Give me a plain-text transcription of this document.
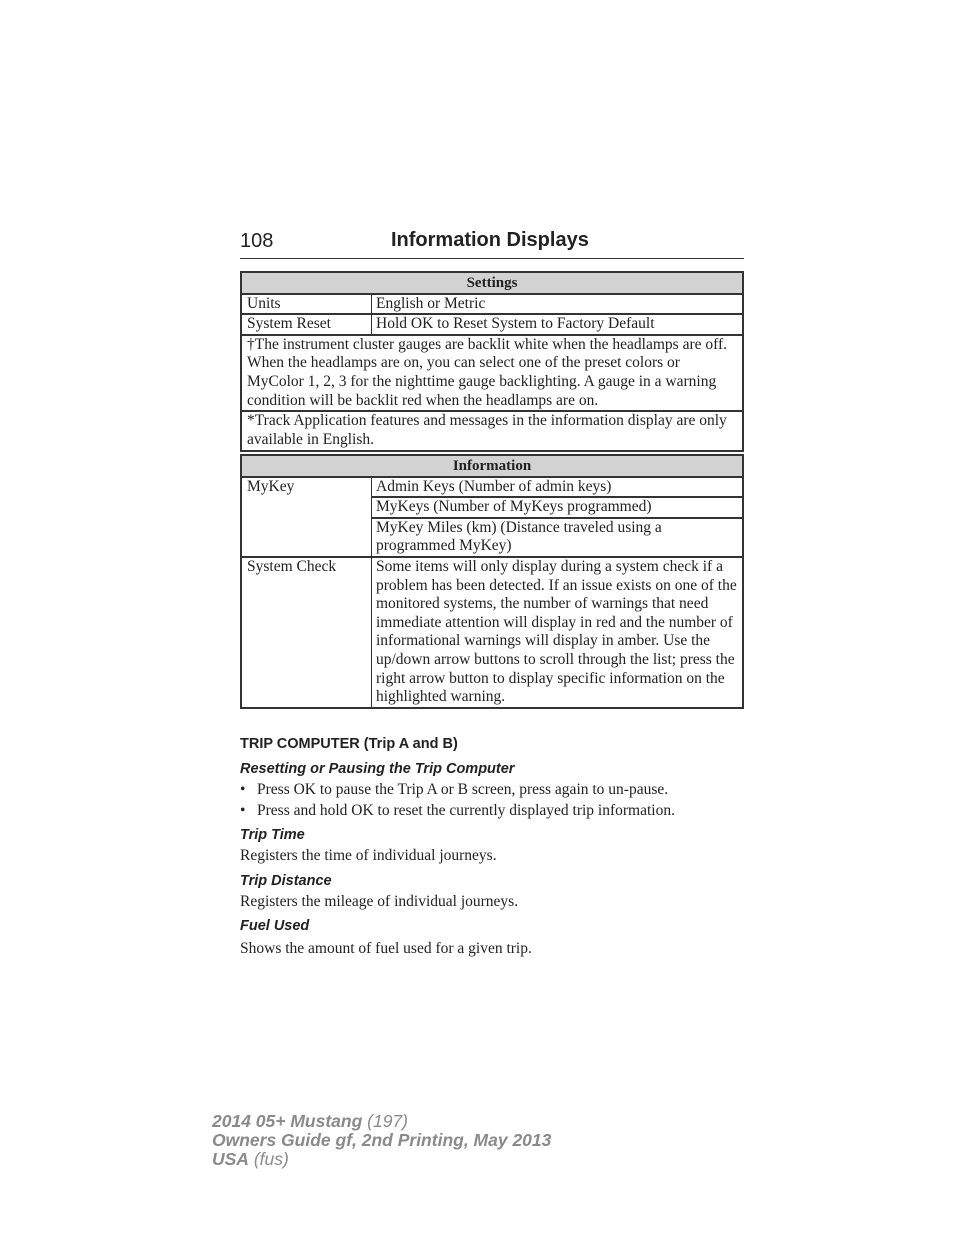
108	Information Displays
Settings	
Units	English or Metric
System Reset	Hold OK to Reset System to Factory Default
†The instrument cluster gauges are backlit white when the headlamps are off. When the headlamps are on, you can select one of the preset colors or MyColor 1, 2, 3 for the nighttime gauge backlighting. A gauge in a warning condition will be backlit red when the headlamps are on.	
*Track Application features and messages in the information display are only available in English.	
Information	
MyKey	Admin Keys (Number of admin keys)
	MyKeys (Number of MyKeys programmed)
	MyKey Miles (km) (Distance traveled using a programmed MyKey)
System Check	Some items will only display during a system check if a problem has been detected. If an issue exists on one of the monitored systems, the number of warnings that need immediate attention will display in red and the number of informational warnings will display in amber. Use the up/down arrow buttons to scroll through the list; press the right arrow button to display specific information on the highlighted warning.
TRIP COMPUTER (Trip A and B)
Resetting or Pausing the Trip Computer
• Press OK to pause the Trip A or B screen, press again to un-pause.
• Press and hold OK to reset the currently displayed trip information.
Trip Time
Registers the time of individual journeys.
Trip Distance
Registers the mileage of individual journeys.
Fuel Used
Shows the amount of fuel used for a given trip.
2014 05+ Mustang (197)
Owners Guide gf, 2nd Printing, May 2013
USA (fus)
